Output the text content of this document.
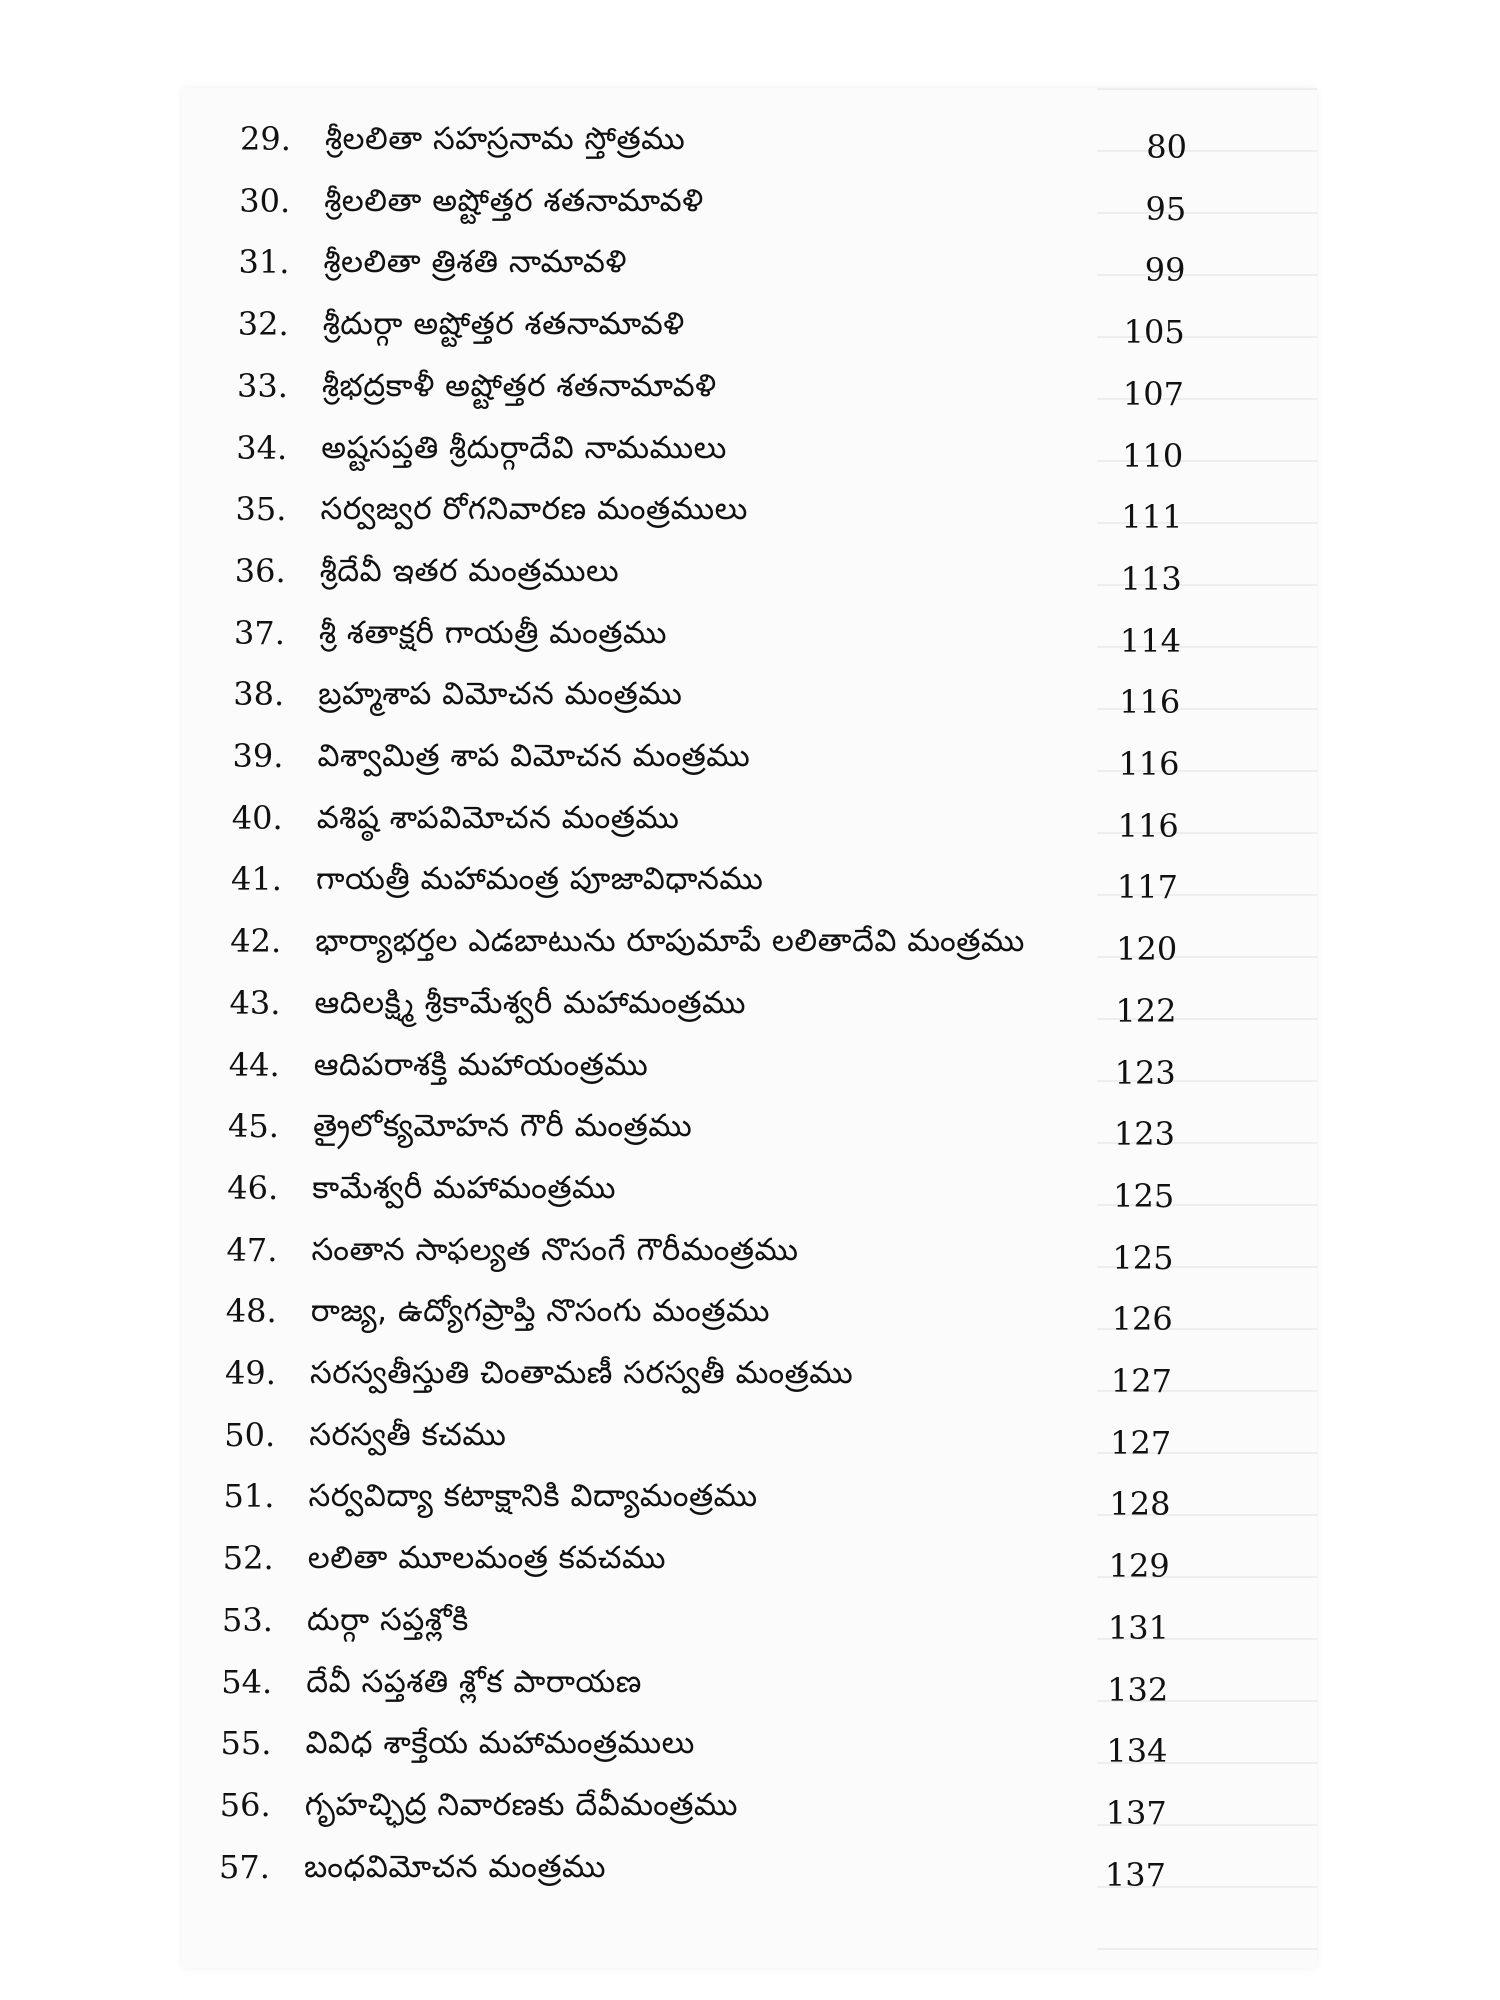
29.	శ్రీలలితా సహస్రనామ స్తోత్రము	80
30.	శ్రీలలితా అష్టోత్తర శతనామావళి	95
31.	శ్రీలలితా త్రిశతి నామావళి	99
32.	శ్రీదుర్గా అష్టోత్తర శతనామావళి	105
33.	శ్రీభద్రకాళీ అష్టోత్తర శతనామావళి	107
34.	అష్టసప్తతి శ్రీదుర్గాదేవి నామములు	110
35.	సర్వజ్వర రోగనివారణ మంత్రములు	111
36.	శ్రీదేవీ ఇతర మంత్రములు	113
37.	శ్రీ శతాక్షరీ గాయత్రీ మంత్రము	114
38.	బ్రహ్మశాప విమోచన మంత్రము	116
39.	విశ్వామిత్ర శాప విమోచన మంత్రము	116
40.	వశిష్ఠ శాపవిమోచన మంత్రము	116
41.	గాయత్రీ మహామంత్ర పూజావిధానము	117
42.	భార్యాభర్తల ఎడబాటును రూపుమాపే లలితాదేవి మంత్రము	120
43.	ఆదిలక్ష్మి శ్రీకామేశ్వరీ మహామంత్రము	122
44.	ఆదిపరాశక్తి మహాయంత్రము	123
45.	త్రైలోక్యమోహన గౌరీ మంత్రము	123
46.	కామేశ్వరీ మహామంత్రము	125
47.	సంతాన సాఫల్యత నొసంగే గౌరీమంత్రము	125
48.	రాజ్య, ఉద్యోగప్రాప్తి నొసంగు మంత్రము	126
49.	సరస్వతీస్తుతి చింతామణీ సరస్వతీ మంత్రము	127
50.	సరస్వతీ కచము	127
51.	సర్వవిద్యా కటాక్షానికి విద్యామంత్రము	128
52.	లలితా మూలమంత్ర కవచము	129
53.	దుర్గా సప్తశ్లోకి	131
54.	దేవీ సప్తశతి శ్లోక పారాయణ	132
55.	వివిధ శాక్తేయ మహామంత్రములు	134
56.	గృహచ్ఛిద్ర నివారణకు దేవీమంత్రము	137
57.	బంధవిమోచన మంత్రము	137
